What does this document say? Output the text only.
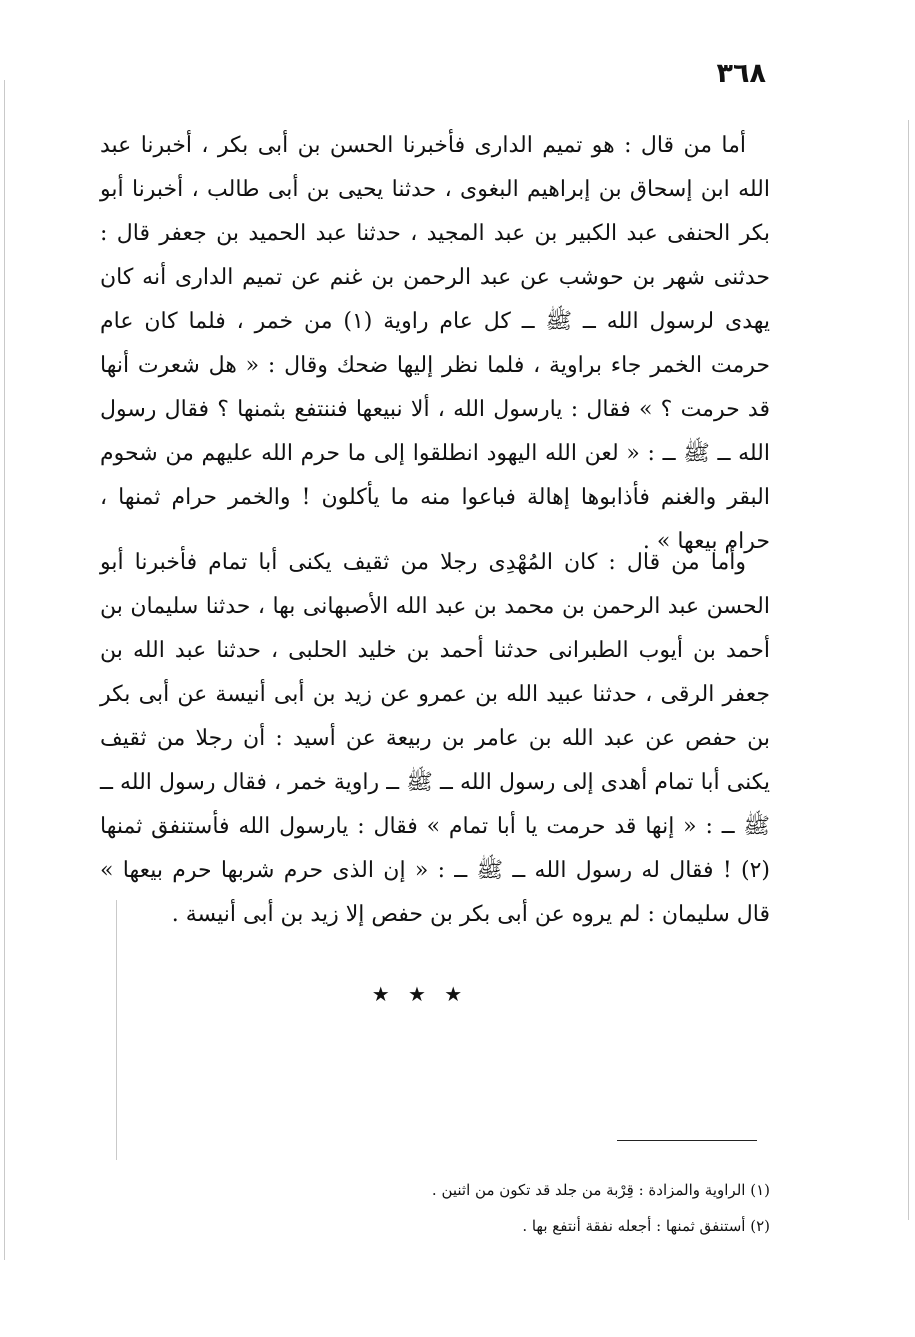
٣٦٨

أما من قال : هو تميم الدارى فأخبرنا الحسن بن أبى بكر ، أخبرنا عبد الله ابن إسحاق بن إبراهيم البغوى ، حدثنا يحيى بن أبى طالب ، أخبرنا أبو بكر الحنفى عبد الكبير بن عبد المجيد ، حدثنا عبد الحميد بن جعفر قال : حدثنى شهر بن حوشب عن عبد الرحمن بن غنم عن تميم الدارى أنه كان يهدى لرسول الله ــ ﷺ ــ كل عام راوية (١) من خمر ، فلما كان عام حرمت الخمر جاء براوية ، فلما نظر إليها ضحك وقال : « هل شعرت أنها قد حرمت ؟ » فقال : يارسول الله ، ألا نبيعها فننتفع بثمنها ؟ فقال رسول الله ــ ﷺ ــ : « لعن الله اليهود انطلقوا إلى ما حرم الله عليهم من شحوم البقر والغنم فأذابوها إهالة فباعوا منه ما يأكلون ! والخمر حرام ثمنها ، حرام بيعها » .

وأما من قال : كان المُهْدِى رجلا من ثقيف يكنى أبا تمام فأخبرنا أبو الحسن عبد الرحمن بن محمد بن عبد الله الأصبهانى بها ، حدثنا سليمان بن أحمد بن أيوب الطبرانى حدثنا أحمد بن خليد الحلبى ، حدثنا عبد الله بن جعفر الرقى ، حدثنا عبيد الله بن عمرو عن زيد بن أبى أنيسة عن أبى بكر بن حفص عن عبد الله بن عامر بن ربيعة عن أسيد : أن رجلا من ثقيف يكنى أبا تمام أهدى إلى رسول الله ــ ﷺ ــ راوية خمر ، فقال رسول الله ــ ﷺ ــ : « إنها قد حرمت يا أبا تمام » فقال : يارسول الله فأستنفق ثمنها (٢) ! فقال له رسول الله ــ ﷺ ــ : « إن الذى حرم شربها حرم بيعها » قال سليمان : لم يروه عن أبى بكر بن حفص إلا زيد بن أبى أنيسة .

★ ★ ★

(١) الراوية والمزادة : قِرْبة من جلد قد تكون من اثنين .

(٢) أستنفق ثمنها : أجعله نفقة أنتفع بها .
